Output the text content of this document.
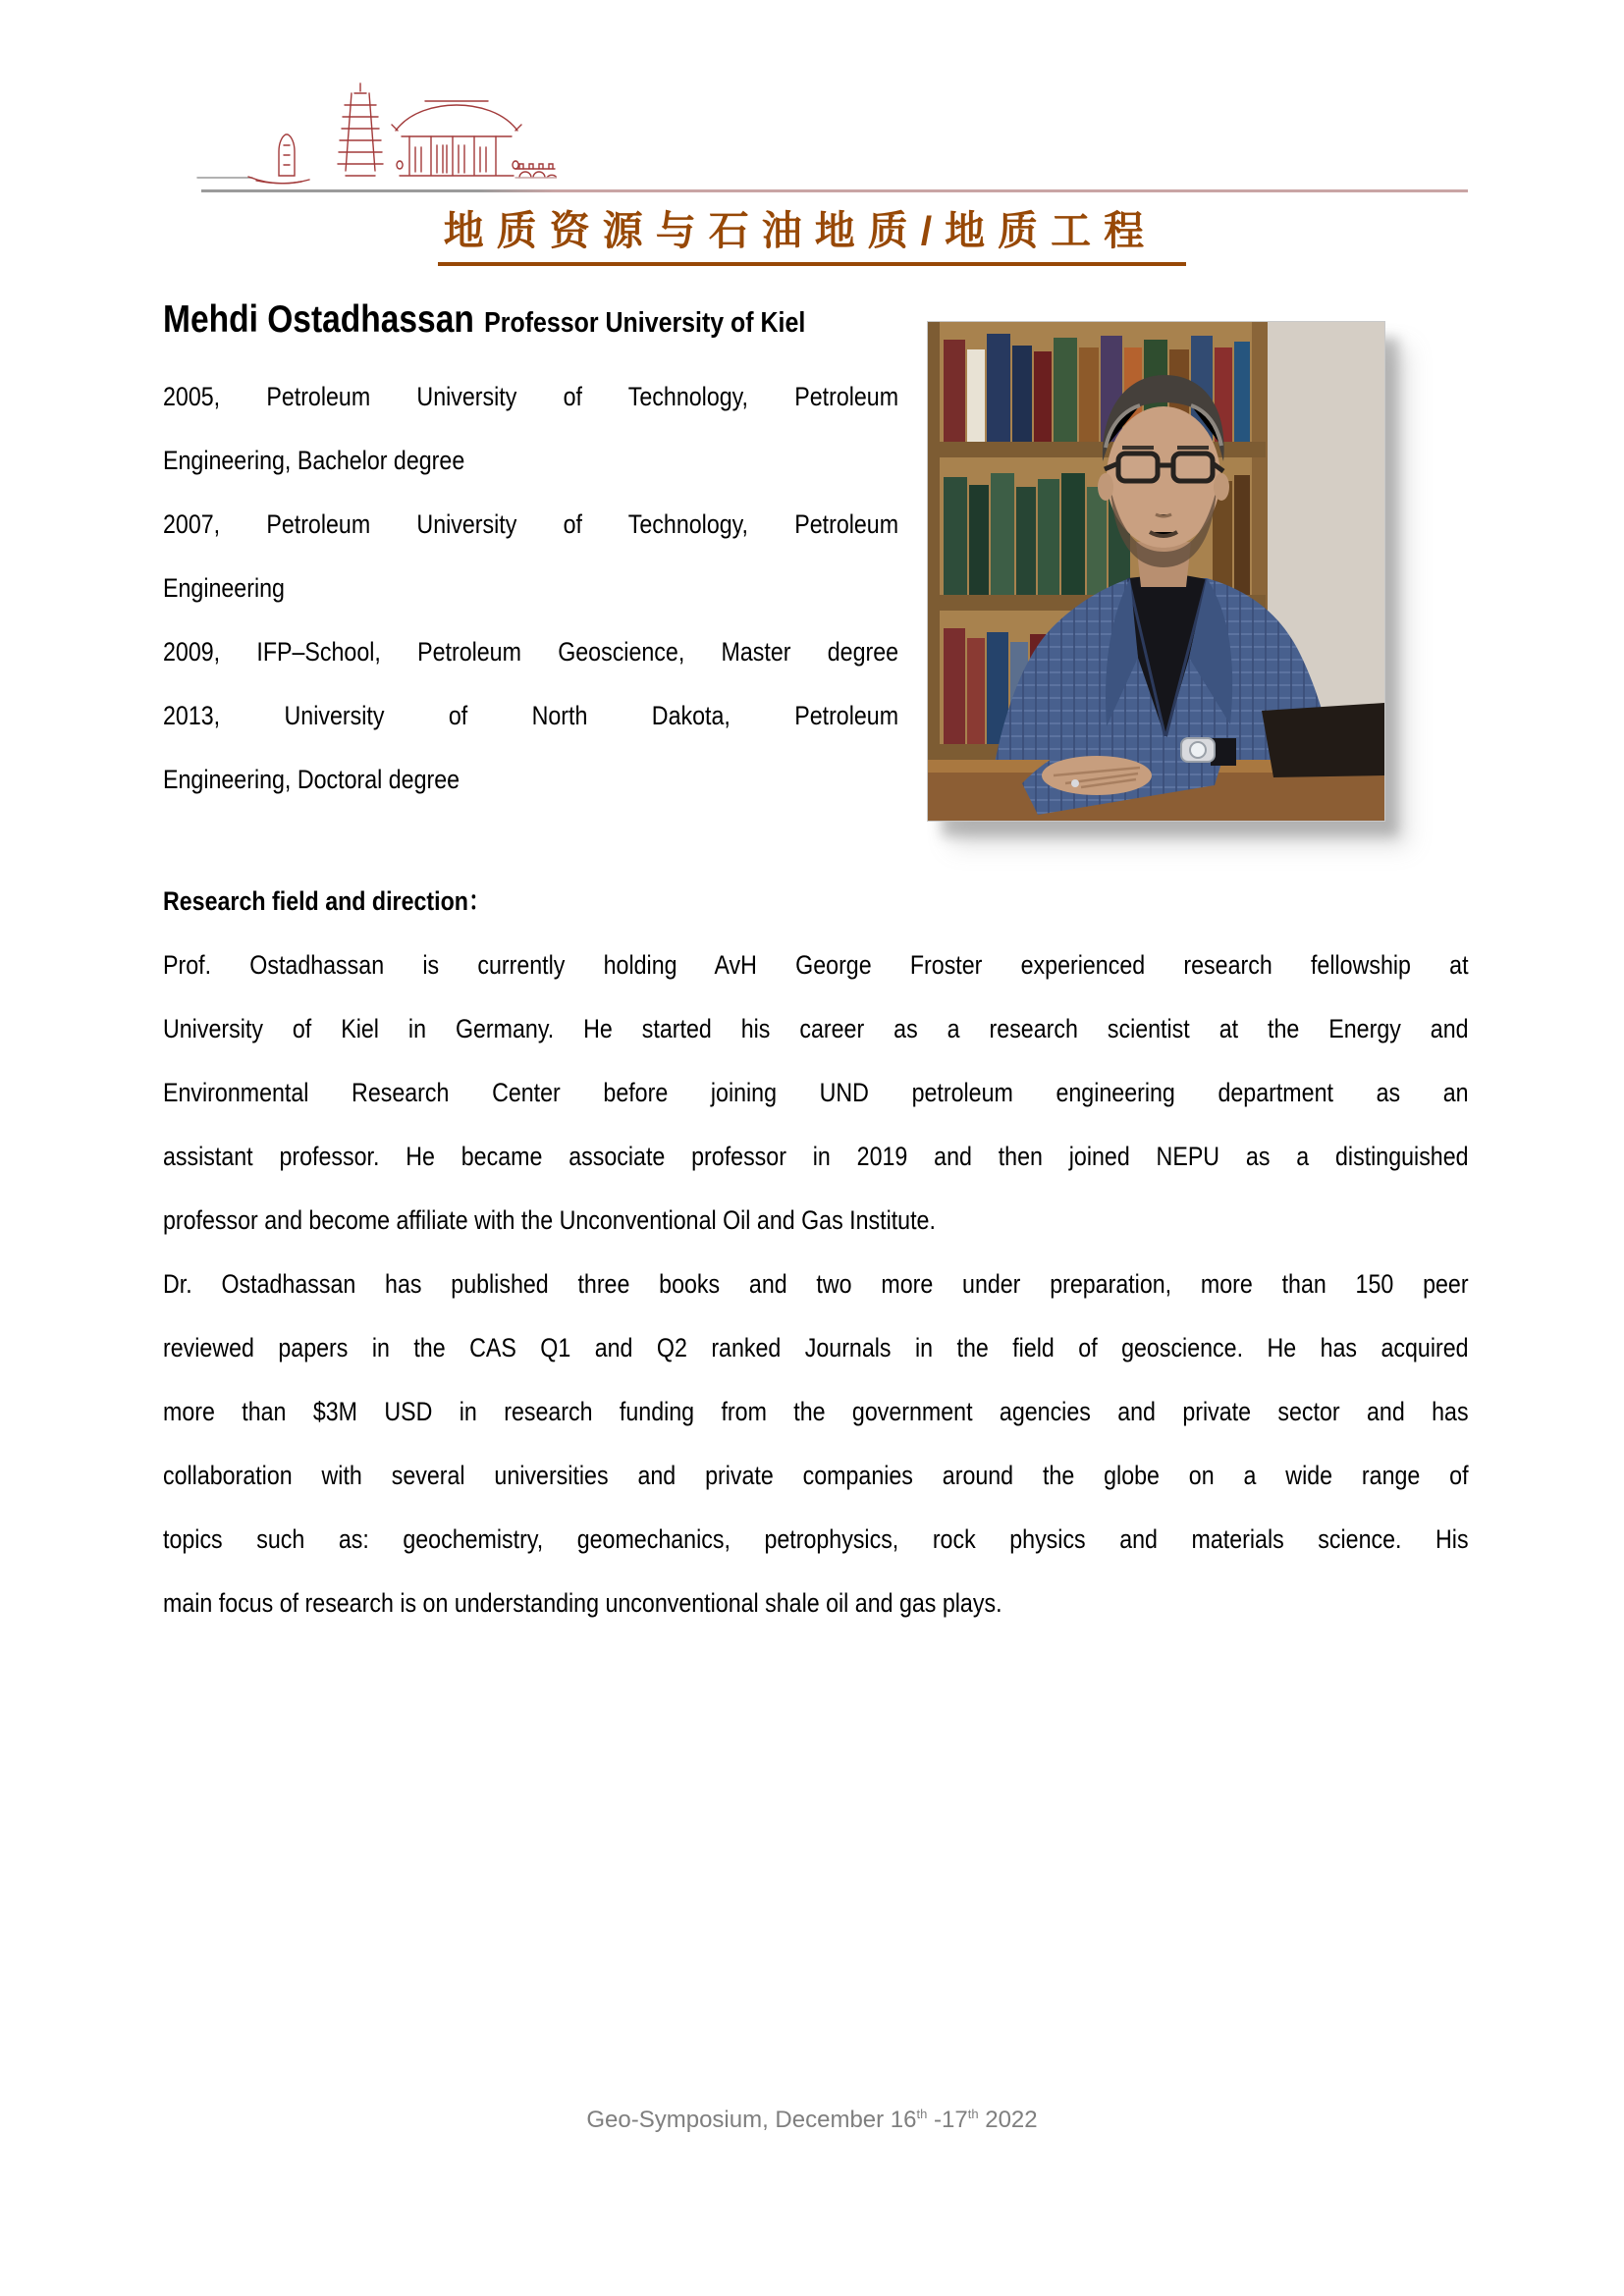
地质资源与石油地质/地质工程
Mehdi Ostadhassan Professor University of Kiel
2005, Petroleum University of Technology, Petroleum
Engineering, Bachelor degree
2007, Petroleum University of Technology, Petroleum
Engineering
2009, IFP–School, Petroleum Geoscience, Master degree
2013, University of North Dakota, Petroleum
Engineering, Doctoral degree
Research field and direction：
Prof. Ostadhassan is currently holding AvH George Froster experienced research fellowship at
University of Kiel in Germany. He started his career as a research scientist at the Energy and
Environmental Research Center before joining UND petroleum engineering department as an
assistant professor. He became associate professor in 2019 and then joined NEPU as a distinguished
professor and become affiliate with the Unconventional Oil and Gas Institute.
Dr. Ostadhassan has published three books and two more under preparation, more than 150 peer
reviewed papers in the CAS Q1 and Q2 ranked Journals in the field of geoscience. He has acquired
more than $3M USD in research funding from the government agencies and private sector and has
collaboration with several universities and private companies around the globe on a wide range of
topics such as: geochemistry, geomechanics, petrophysics, rock physics and materials science. His
main focus of research is on understanding unconventional shale oil and gas plays.
Geo-Symposium, December 16th -17th 2022
